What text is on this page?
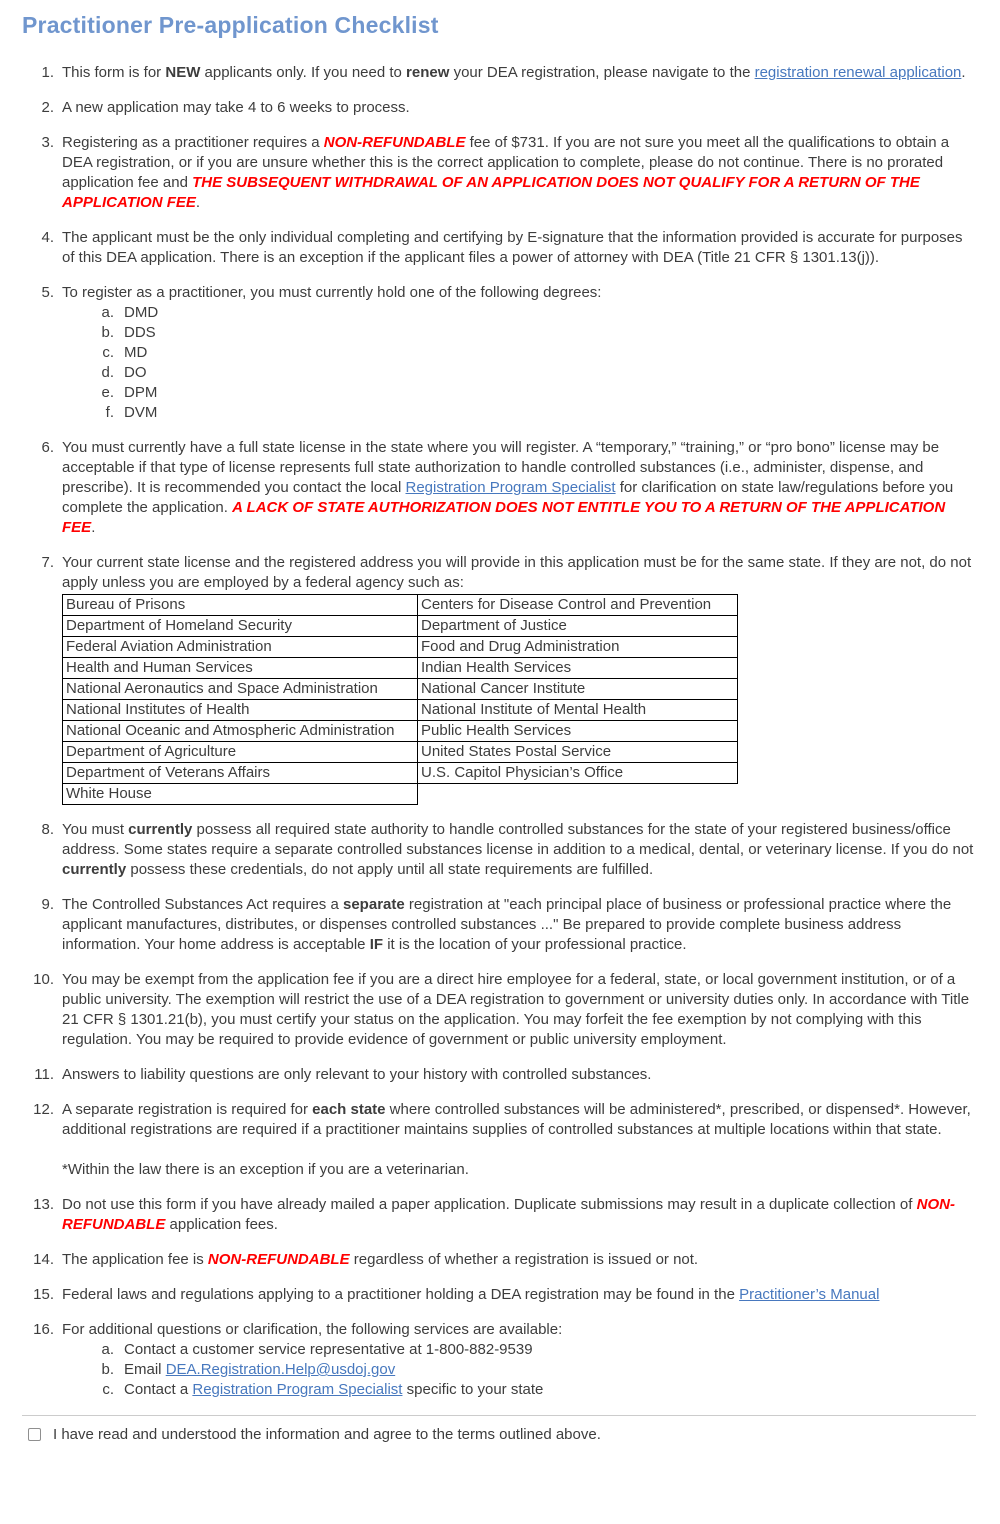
Practitioner Pre-application Checklist
1. This form is for NEW applicants only. If you need to renew your DEA registration, please navigate to the registration renewal application.
2. A new application may take 4 to 6 weeks to process.
3. Registering as a practitioner requires a NON-REFUNDABLE fee of $731. If you are not sure you meet all the qualifications to obtain a DEA registration, or if you are unsure whether this is the correct application to complete, please do not continue. There is no prorated application fee and THE SUBSEQUENT WITHDRAWAL OF AN APPLICATION DOES NOT QUALIFY FOR A RETURN OF THE APPLICATION FEE.
4. The applicant must be the only individual completing and certifying by E-signature that the information provided is accurate for purposes of this DEA application. There is an exception if the applicant files a power of attorney with DEA (Title 21 CFR § 1301.13(j)).
5. To register as a practitioner, you must currently hold one of the following degrees:
a. DMD
b. DDS
c. MD
d. DO
e. DPM
f. DVM
6. You must currently have a full state license in the state where you will register. A “temporary,” “training,” or “pro bono” license may be acceptable if that type of license represents full state authorization to handle controlled substances (i.e., administer, dispense, and prescribe). It is recommended you contact the local Registration Program Specialist for clarification on state law/regulations before you complete the application. A LACK OF STATE AUTHORIZATION DOES NOT ENTITLE YOU TO A RETURN OF THE APPLICATION FEE.
7. Your current state license and the registered address you will provide in this application must be for the same state. If they are not, do not apply unless you are employed by a federal agency such as:
Bureau of Prisons	Centers for Disease Control and Prevention
Department of Homeland Security	Department of Justice
Federal Aviation Administration	Food and Drug Administration
Health and Human Services	Indian Health Services
National Aeronautics and Space Administration	National Cancer Institute
National Institutes of Health	National Institute of Mental Health
National Oceanic and Atmospheric Administration	Public Health Services
Department of Agriculture	United States Postal Service
Department of Veterans Affairs	U.S. Capitol Physician’s Office
White House	
8. You must currently possess all required state authority to handle controlled substances for the state of your registered business/office address. Some states require a separate controlled substances license in addition to a medical, dental, or veterinary license. If you do not currently possess these credentials, do not apply until all state requirements are fulfilled.
9. The Controlled Substances Act requires a separate registration at "each principal place of business or professional practice where the applicant manufactures, distributes, or dispenses controlled substances ..." Be prepared to provide complete business address information. Your home address is acceptable IF it is the location of your professional practice.
10. You may be exempt from the application fee if you are a direct hire employee for a federal, state, or local government institution, or of a public university. The exemption will restrict the use of a DEA registration to government or university duties only. In accordance with Title 21 CFR § 1301.21(b), you must certify your status on the application. You may forfeit the fee exemption by not complying with this regulation. You may be required to provide evidence of government or public university employment.
11. Answers to liability questions are only relevant to your history with controlled substances.
12. A separate registration is required for each state where controlled substances will be administered*, prescribed, or dispensed*. However, additional registrations are required if a practitioner maintains supplies of controlled substances at multiple locations within that state.
*Within the law there is an exception if you are a veterinarian.
13. Do not use this form if you have already mailed a paper application. Duplicate submissions may result in a duplicate collection of NON-REFUNDABLE application fees.
14. The application fee is NON-REFUNDABLE regardless of whether a registration is issued or not.
15. Federal laws and regulations applying to a practitioner holding a DEA registration may be found in the Practitioner’s Manual
16. For additional questions or clarification, the following services are available:
a. Contact a customer service representative at 1-800-882-9539
b. Email DEA.Registration.Help@usdoj.gov
c. Contact a Registration Program Specialist specific to your state
I have read and understood the information and agree to the terms outlined above.
